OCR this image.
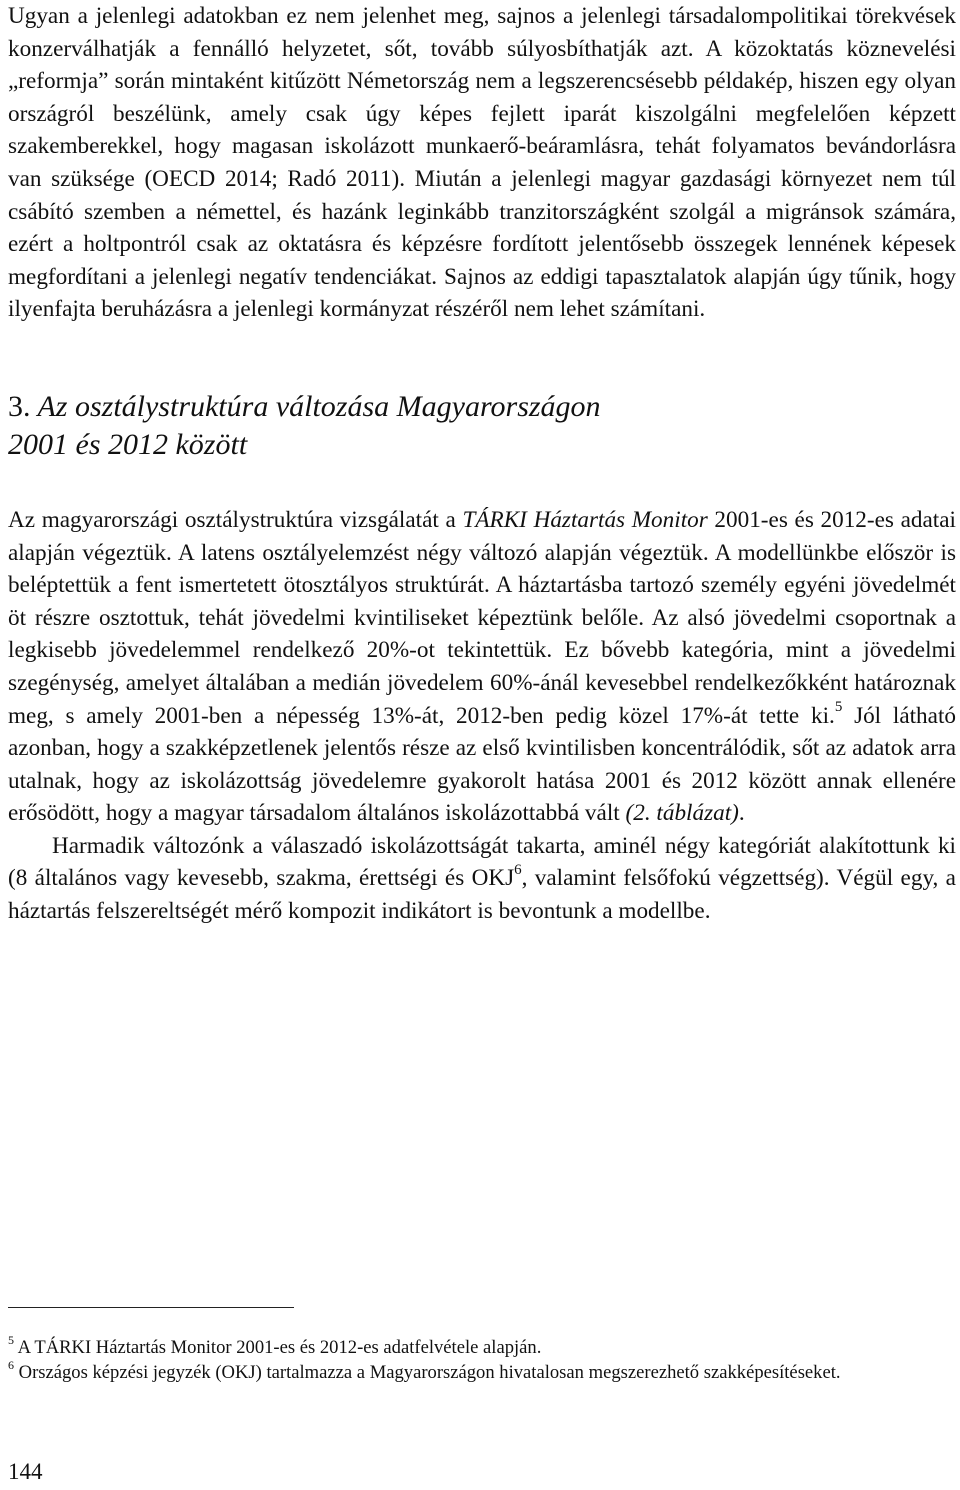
Ugyan a jelenlegi adatokban ez nem jelenhet meg, sajnos a jelenlegi társadalompolitikai törekvések konzerválhatják a fennálló helyzetet, sőt, tovább súlyosbíthatják azt. A közoktatás köznevelési „reformja” során mintaként kitűzött Németország nem a legszerencsésebb példakép, hiszen egy olyan országról beszélünk, amely csak úgy képes fejlett iparát kiszolgálni megfelelően képzett szakemberekkel, hogy magasan iskolázott munkaerő-beáramlásra, tehát folyamatos bevándorlásra van szüksége (OECD 2014; Radó 2011). Miután a jelenlegi magyar gazdasági környezet nem túl csábító szemben a némettel, és hazánk leginkább tranzitországként szolgál a migránsok számára, ezért a holtpontról csak az oktatásra és képzésre fordított jelentősebb összegek lennének képesek megfordítani a jelenlegi negatív tendenciákat. Sajnos az eddigi tapasztalatok alapján úgy tűnik, hogy ilyenfajta beruházásra a jelenlegi kormányzat részéről nem lehet számítani.

3. Az osztálystruktúra változása Magyarországon
2001 és 2012 között

Az magyarországi osztálystruktúra vizsgálatát a TÁRKI Háztartás Monitor 2001-es és 2012-es adatai alapján végeztük. A latens osztályelemzést négy változó alapján végeztük. A modellünkbe először is beléptettük a fent ismertetett ötosztályos struktúrát. A háztartásba tartozó személy egyéni jövedelmét öt részre osztottuk, tehát jövedelmi kvintiliseket képeztünk belőle. Az alsó jövedelmi csoportnak a legkisebb jövedelemmel rendelkező 20%-ot tekintettük. Ez bővebb kategória, mint a jövedelmi szegénység, amelyet általában a medián jövedelem 60%-ánál kevesebbel rendelkezőkként határoznak meg, s amely 2001-ben a népesség 13%-át, 2012-ben pedig közel 17%-át tette ki.$^5$ Jól látható azonban, hogy a szakképzetlenek jelentős része az első kvintilisben koncentrálódik, sőt az adatok arra utalnak, hogy az iskolázottság jövedelemre gyakorolt hatása 2001 és 2012 között annak ellenére erősödött, hogy a magyar társadalom általános iskolázottabbá vált (2. táblázat).

Harmadik változónk a válaszadó iskolázottságát takarta, aminél négy kategóriát alakítottunk ki (8 általános vagy kevesebb, szakma, érettségi és OKJ$^6$, valamint felsőfokú végzettség). Végül egy, a háztartás felszereltségét mérő kompozit indikátort is bevontunk a modellbe.

$^5$ A TÁRKI Háztartás Monitor 2001-es és 2012-es adatfelvétele alapján.

$^6$ Országos képzési jegyzék (OKJ) tartalmazza a Magyarországon hivatalosan megszerezhető szakképesítéseket.

144
